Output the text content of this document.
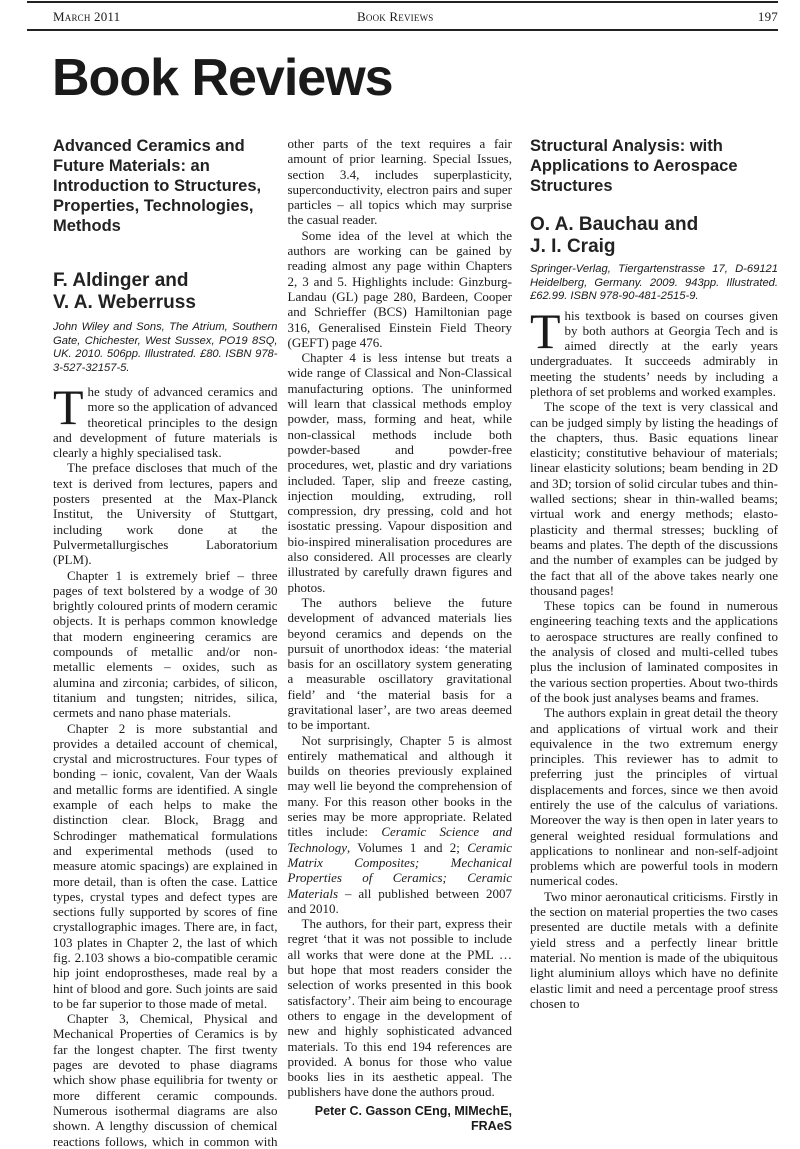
March 2011	Book Reviews	197
Book Reviews
Advanced Ceramics and Future Materials: an Introduction to Structures, Properties, Technologies, Methods
F. Aldinger and
V. A. Weberruss

John Wiley and Sons, The Atrium, Southern Gate, Chichester, West Sussex, PO19 8SQ, UK. 2010. 506pp. Illustrated. £80. ISBN 978-3-527-32157-5.

The study of advanced ceramics and more so the application of advanced theoretical principles to the design and development of future materials is clearly a highly specialised task.

The preface discloses that much of the text is derived from lectures, papers and posters presented at the Max-Planck Institut, the University of Stuttgart, including work done at the Pulvermetallurgisches Laboratorium (PLM).

Chapter 1 is extremely brief – three pages of text bolstered by a wodge of 30 brightly coloured prints of modern ceramic objects. It is perhaps common knowledge that modern engineering ceramics are compounds of metallic and/or non-metallic elements – oxides, such as alumina and zirconia; carbides, of silicon, titanium and tungsten; nitrides, silica, cermets and nano phase materials.

Chapter 2 is more substantial and provides a detailed account of chemical, crystal and microstructures. Four types of bonding – ionic, covalent, Van der Waals and metallic forms are identified. A single example of each helps to make the distinction clear. Block, Bragg and Schrodinger mathematical formulations and experimental methods (used to measure atomic spacings) are explained in more detail, than is often the case. Lattice types, crystal types and defect types are sections fully supported by scores of fine crystallographic images. There are, in fact, 103 plates in Chapter 2, the last of which fig. 2.103 shows a bio-compatible ceramic hip joint endoprostheses, made real by a hint of blood and gore. Such joints are said to be far superior to those made of metal.

Chapter 3, Chemical, Physical and Mechanical Properties of Ceramics is by far the longest chapter. The first twenty pages are devoted to phase diagrams which show phase equilibria for twenty or more different ceramic compounds. Numerous isothermal diagrams are also shown. A lengthy discussion of chemical reactions follows, which in common with other parts of the text requires a fair amount of prior learning. Special Issues, section 3.4, includes superplasticity, superconductivity, electron pairs and super particles – all topics which may surprise the casual reader.

Some idea of the level at which the authors are working can be gained by reading almost any page within Chapters 2, 3 and 5. Highlights include: Ginzburg-Landau (GL) page 280, Bardeen, Cooper and Schrieffer (BCS) Hamiltonian page 316, Generalised Einstein Field Theory (GEFT) page 476.

Chapter 4 is less intense but treats a wide range of Classical and Non-Classical manufacturing options. The uninformed will learn that classical methods employ powder, mass, forming and heat, while non-classical methods include both powder-based and powder-free procedures, wet, plastic and dry variations included. Taper, slip and freeze casting, injection moulding, extruding, roll compression, dry pressing, cold and hot isostatic pressing. Vapour disposition and bio-inspired mineralisation procedures are also considered. All processes are clearly illustrated by carefully drawn figures and photos.

The authors believe the future development of advanced materials lies beyond ceramics and depends on the pursuit of unorthodox ideas: ‘the material basis for an oscillatory system generating a measurable oscillatory gravitational field’ and ‘the material basis for a gravitational laser’, are two areas deemed to be important.

Not surprisingly, Chapter 5 is almost entirely mathematical and although it builds on theories previously explained may well lie beyond the comprehension of many. For this reason other books in the series may be more appropriate. Related titles include: Ceramic Science and Technology, Volumes 1 and 2; Ceramic Matrix Composites; Mechanical Properties of Ceramics; Ceramic Materials – all published between 2007 and 2010.

The authors, for their part, express their regret ‘that it was not possible to include all works that were done at the PML … but hope that most readers consider the selection of works presented in this book satisfactory’. Their aim being to encourage others to engage in the development of new and highly sophisticated advanced materials. To this end 194 references are provided. A bonus for those who value books lies in its aesthetic appeal. The publishers have done the authors proud.

Peter C. Gasson CEng, MIMechE, FRAeS
Structural Analysis: with Applications to Aerospace Structures
O. A. Bauchau and
J. I. Craig

Springer-Verlag, Tiergartenstrasse 17, D-69121 Heidelberg, Germany. 2009. 943pp. Illustrated. £62.99. ISBN 978-90-481-2515-9.

This textbook is based on courses given by both authors at Georgia Tech and is aimed directly at the early years undergraduates. It succeeds admirably in meeting the students’ needs by including a plethora of set problems and worked examples.

The scope of the text is very classical and can be judged simply by listing the headings of the chapters, thus. Basic equations linear elasticity; constitutive behaviour of materials; linear elasticity solutions; beam bending in 2D and 3D; torsion of solid circular tubes and thin-walled sections; shear in thin-walled beams; virtual work and energy methods; elasto-plasticity and thermal stresses; buckling of beams and plates. The depth of the discussions and the number of examples can be judged by the fact that all of the above takes nearly one thousand pages!

These topics can be found in numerous engineering teaching texts and the applications to aerospace structures are really confined to the analysis of closed and multi-celled tubes plus the inclusion of laminated composites in the various section properties. About two-thirds of the book just analyses beams and frames.

The authors explain in great detail the theory and applications of virtual work and their equivalence in the two extremum energy principles. This reviewer has to admit to preferring just the principles of virtual displacements and forces, since we then avoid entirely the use of the calculus of variations. Moreover the way is then open in later years to general weighted residual formulations and applications to nonlinear and non-self-adjoint problems which are powerful tools in modern numerical codes.

Two minor aeronautical criticisms. Firstly in the section on material properties the two cases presented are ductile metals with a definite yield stress and a perfectly linear brittle material. No mention is made of the ubiquitous light aluminium alloys which have no definite elastic limit and need a percentage proof stress chosen to
